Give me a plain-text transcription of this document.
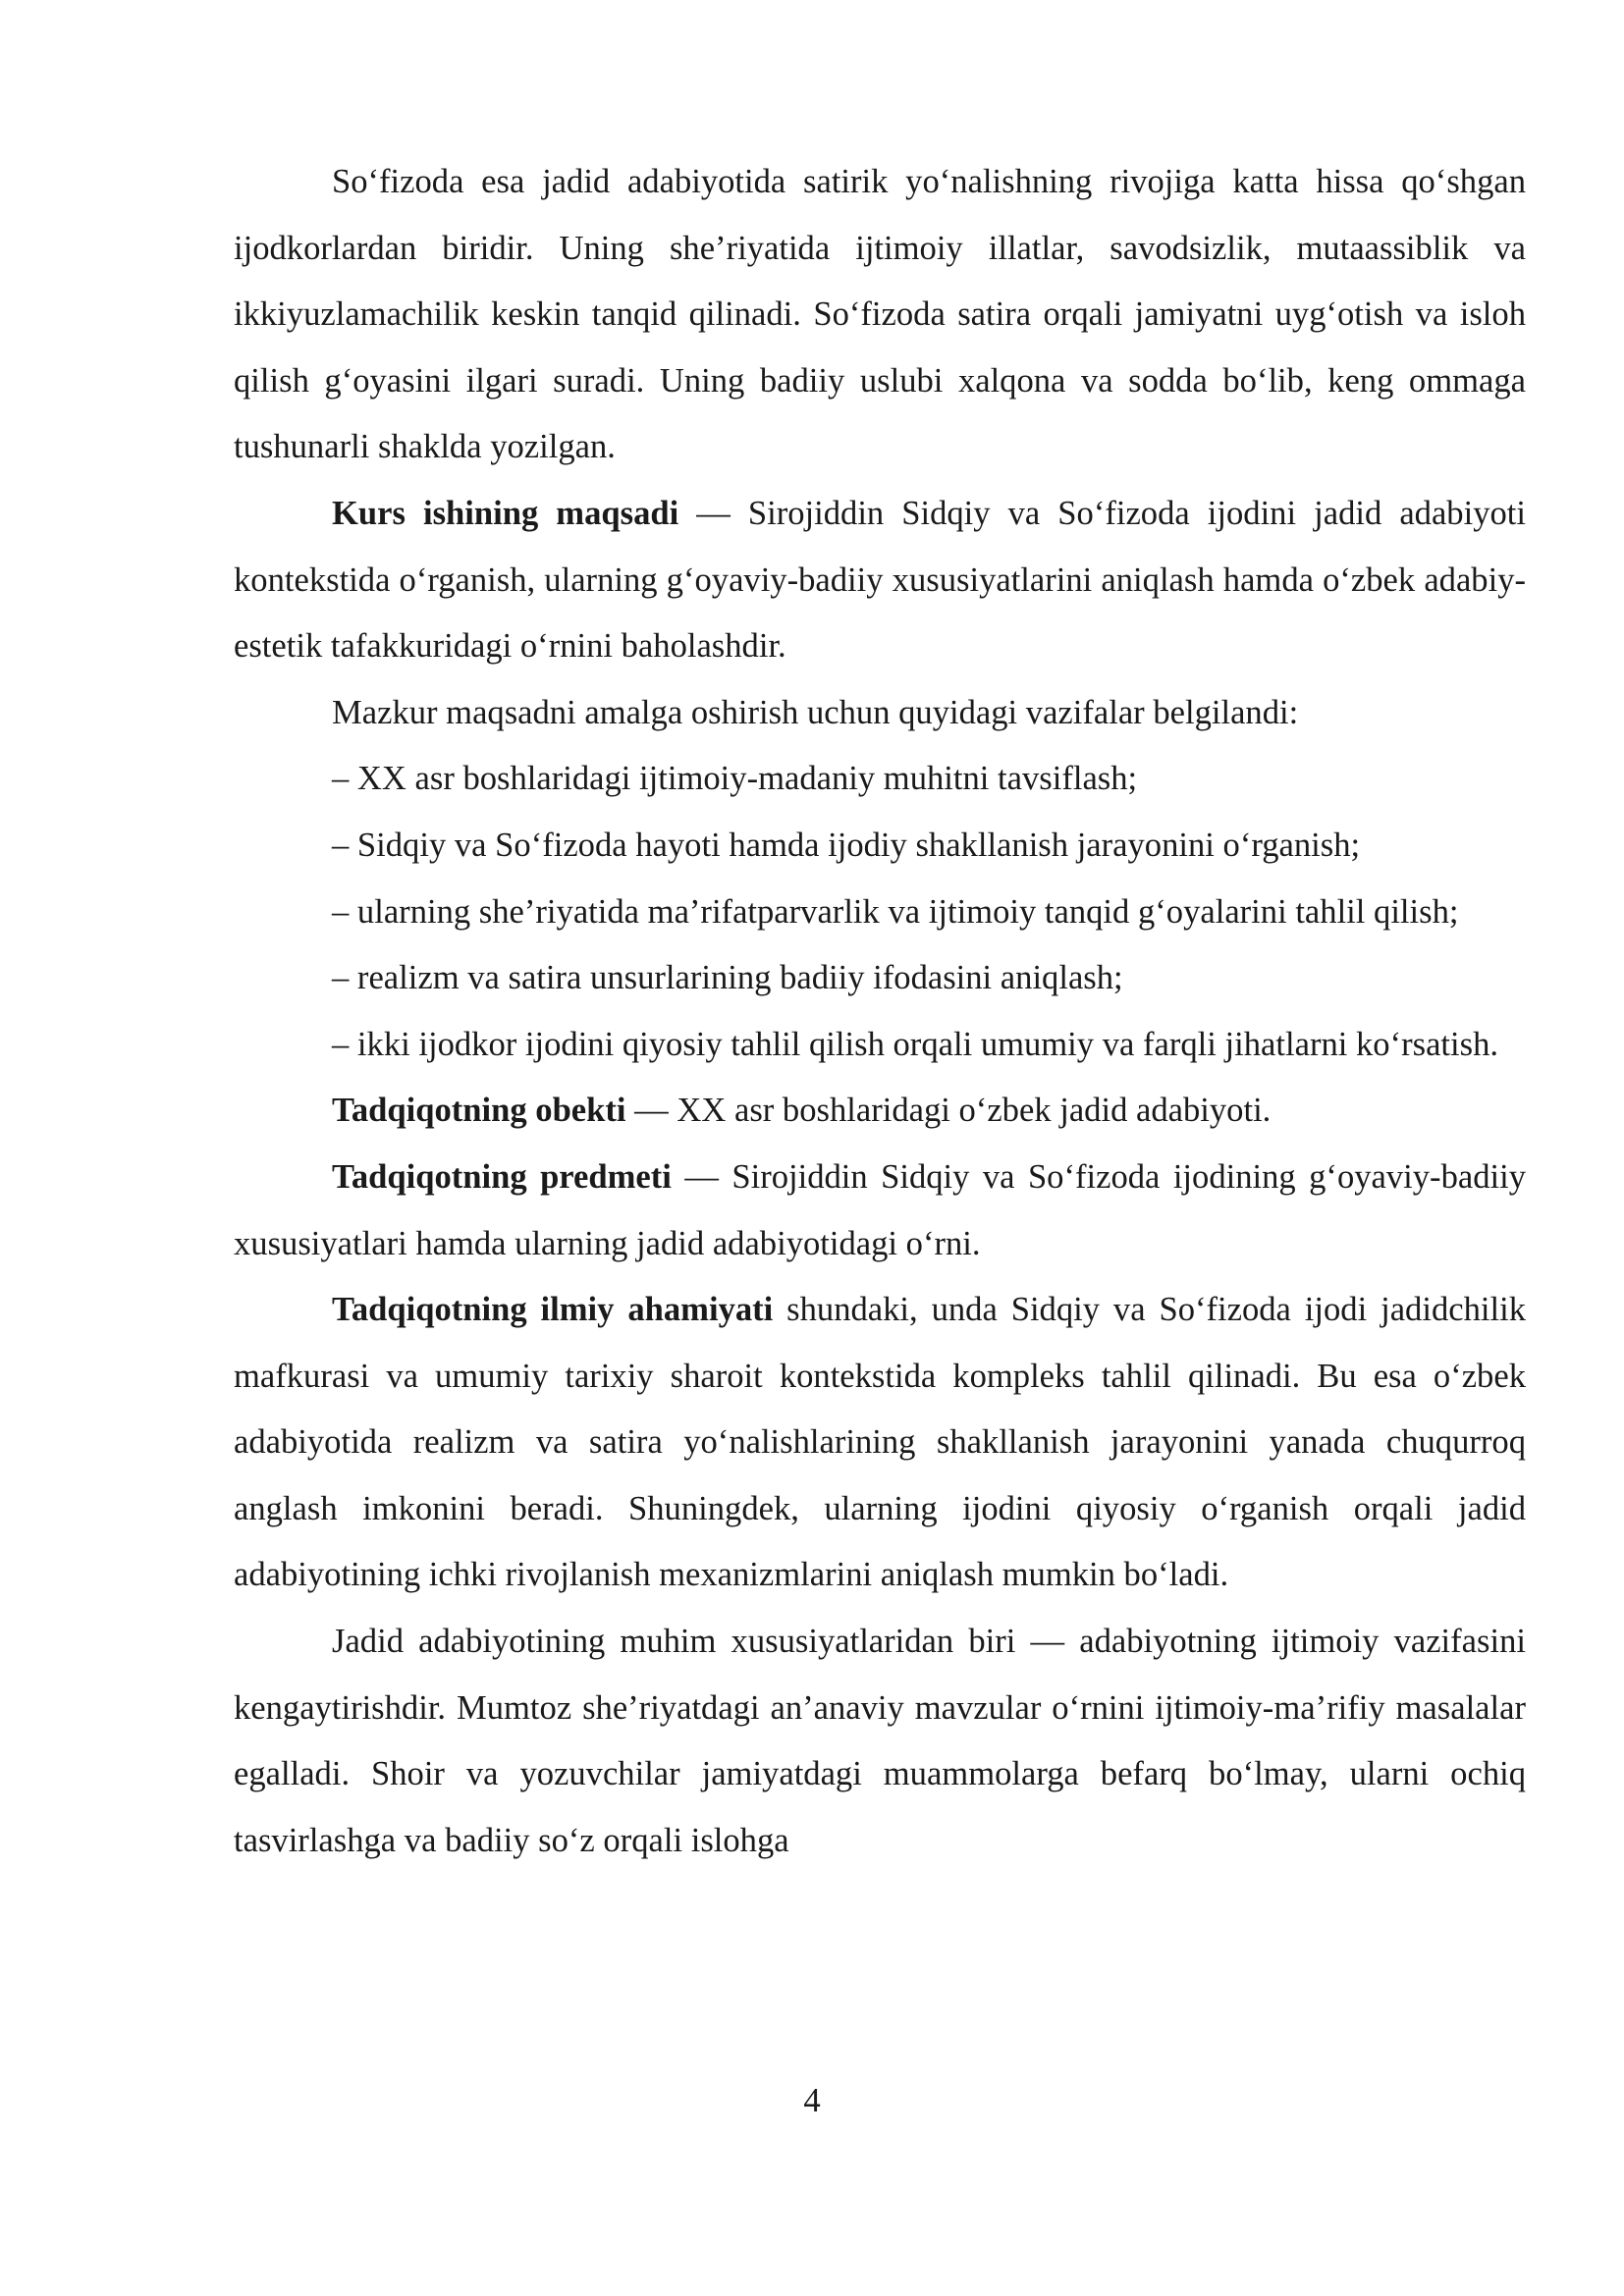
So‘fizoda esa jadid adabiyotida satirik yo‘nalishning rivojiga katta hissa qo‘shgan ijodkorlardan biridir. Uning she’riyatida ijtimoiy illatlar, savodsizlik, mutaassiblik va ikkiyuzlamachilik keskin tanqid qilinadi. So‘fizoda satira orqali jamiyatni uyg‘otish va isloh qilish g‘oyasini ilgari suradi. Uning badiiy uslubi xalqona va sodda bo‘lib, keng ommaga tushunarli shaklda yozilgan.

Kurs ishining maqsadi — Sirojiddin Sidqiy va So‘fizoda ijodini jadid adabiyoti kontekstida o‘rganish, ularning g‘oyaviy-badiiy xususiyatlarini aniqlash hamda o‘zbek adabiy-estetik tafakkuridagi o‘rnini baholashdir.

Mazkur maqsadni amalga oshirish uchun quyidagi vazifalar belgilandi:

– XX asr boshlaridagi ijtimoiy-madaniy muhitni tavsiflash;

– Sidqiy va So‘fizoda hayoti hamda ijodiy shakllanish jarayonini o‘rganish;

– ularning she’riyatida ma’rifatparvarlik va ijtimoiy tanqid g‘oyalarini tahlil qilish;

– realizm va satira unsurlarining badiiy ifodasini aniqlash;

– ikki ijodkor ijodini qiyosiy tahlil qilish orqali umumiy va farqli jihatlarni ko‘rsatish.

Tadqiqotning obekti — XX asr boshlaridagi o‘zbek jadid adabiyoti.

Tadqiqotning predmeti — Sirojiddin Sidqiy va So‘fizoda ijodining g‘oyaviy-badiiy xususiyatlari hamda ularning jadid adabiyotidagi o‘rni.

Tadqiqotning ilmiy ahamiyati shundaki, unda Sidqiy va So‘fizoda ijodi jadidchilik mafkurasi va umumiy tarixiy sharoit kontekstida kompleks tahlil qilinadi. Bu esa o‘zbek adabiyotida realizm va satira yo‘nalishlarining shakllanish jarayonini yanada chuqurroq anglash imkonini beradi. Shuningdek, ularning ijodini qiyosiy o‘rganish orqali jadid adabiyotining ichki rivojlanish mexanizmlarini aniqlash mumkin bo‘ladi.

Jadid adabiyotining muhim xususiyatlaridan biri — adabiyotning ijtimoiy vazifasini kengaytirishdir. Mumtoz she’riyatdagi an’anaviy mavzular o‘rnini ijtimoiy-ma’rifiy masalalar egalladi. Shoir va yozuvchilar jamiyatdagi muammolarga befarq bo‘lmay, ularni ochiq tasvirlashga va badiiy so‘z orqali islohga

4
